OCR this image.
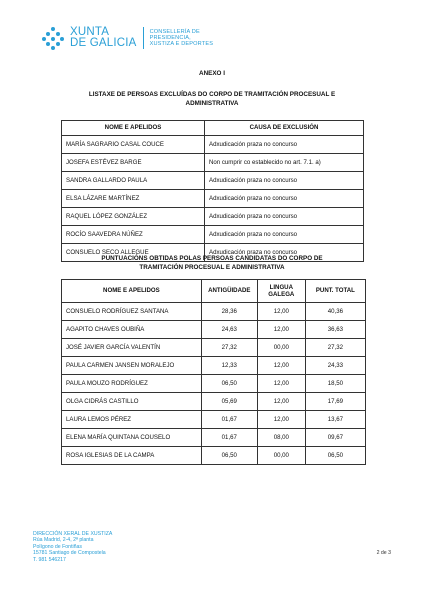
XUNTA
DE GALICIA
CONSELLERÍA DE
PRESIDENCIA,
XUSTIZA E DEPORTES
ANEXO I
LISTAXE DE PERSOAS EXCLUÍDAS DO CORPO DE TRAMITACIÓN PROCESUAL E ADMINISTRATIVA
NOME E APELIDOS	CAUSA DE EXCLUSIÓN
MARÍA SAGRARIO CASAL COUCE	Adxudicación praza no concurso
JOSEFA ESTÉVEZ BARGE	Non cumprir co establecido no art. 7.1. a)
SANDRA GALLARDO PAULA	Adxudicación praza no concurso
ELSA LÁZARE MARTÍNEZ	Adxudicación praza no concurso
RAQUEL LÓPEZ GONZÁLEZ	Adxudicación praza no concurso
ROCÍO SAAVEDRA NÚÑEZ	Adxudicación praza no concurso
CONSUELO SECO ALLEGUE	Adxudicación praza no concurso
PUNTUACIÓNS OBTIDAS POLAS PERSOAS CANDIDATAS DO CORPO DE TRAMITACIÓN PROCESUAL E ADMINISTRATIVA
NOME E APELIDOS	ANTIGÜIDADE	LINGUA GALEGA	PUNT. TOTAL
CONSUELO RODRÍGUEZ SANTANA	28,36	12,00	40,36
AGAPITO CHAVES OUBIÑA	24,63	12,00	36,63
JOSÉ JAVIER GARCÍA VALENTÍN	27,32	00,00	27,32
PAULA CARMEN JANSEN MORALEJO	12,33	12,00	24,33
PAULA MOUZO RODRÍGUEZ	06,50	12,00	18,50
OLGA CIDRÁS CASTILLO	05,69	12,00	17,69
LAURA LEMOS PÉREZ	01,67	12,00	13,67
ELENA MARÍA QUINTANA COUSELO	01,67	08,00	09,67
ROSA IGLESIAS DE LA CAMPA	06,50	00,00	06,50
DIRECCIÓN XERAL DE XUSTIZA
Rúa Madrid, 2-4, 2ª planta
Polígono de Fontiñas
15781 Santiago de Compostela
T. 981 546217
2 de 3
